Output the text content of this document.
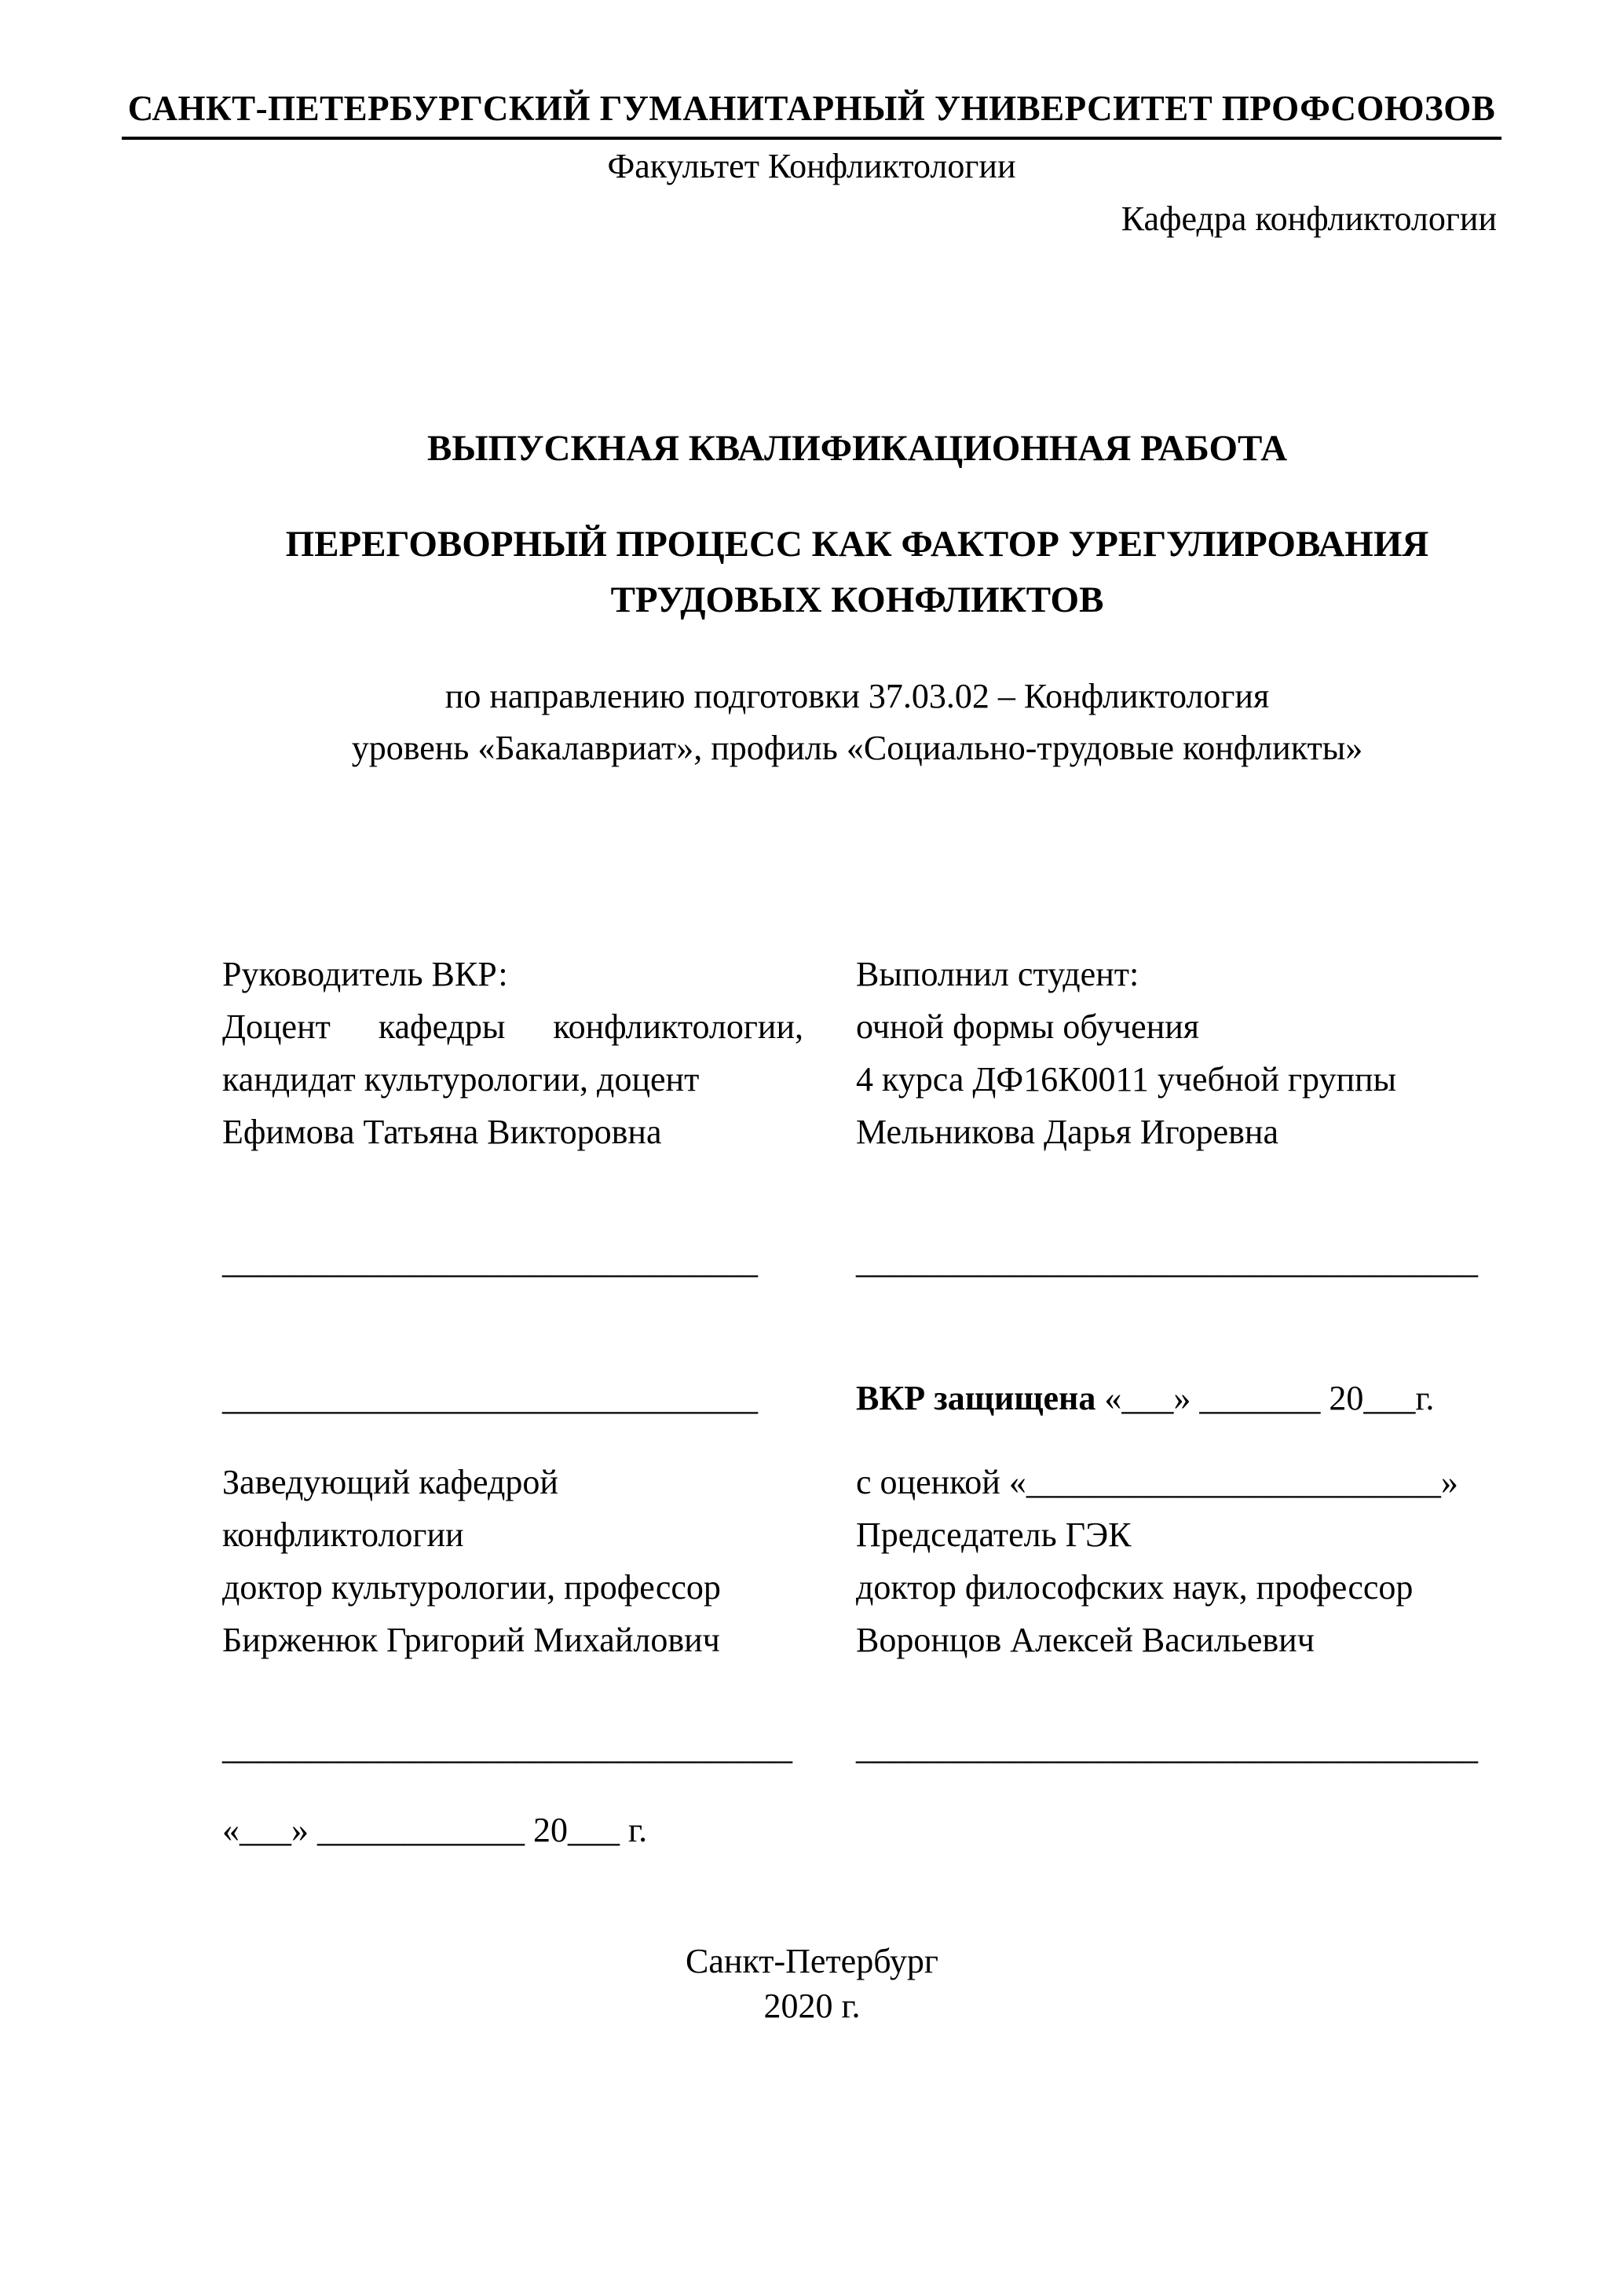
САНКТ-ПЕТЕРБУРГСКИЙ ГУМАНИТАРНЫЙ УНИВЕРСИТЕТ ПРОФСОЮЗОВ
Факультет Конфликтологии
Кафедра конфликтологии
ВЫПУСКНАЯ КВАЛИФИКАЦИОННАЯ РАБОТА
ПЕРЕГОВОРНЫЙ ПРОЦЕСС КАК ФАКТОР УРЕГУЛИРОВАНИЯ
ТРУДОВЫХ КОНФЛИКТОВ
по направлению подготовки 37.03.02 – Конфликтология
уровень «Бакалавриат», профиль «Социально-трудовые конфликты»
Руководитель ВКР:
Доцент кафедры конфликтологии,
кандидат культурологии, доцент
Ефимова Татьяна Викторовна
Выполнил студент:
очной формы обучения
4 курса ДФ16К0011 учебной группы
Мельникова Дарья Игоревна
_______________________________	____________________________________
_______________________________	ВКР защищена «___» _______ 20___г.
Заведующий кафедрой
конфликтологии
доктор культурологии, профессор
Бирженюк Григорий Михайлович
с оценкой «________________________»
Председатель ГЭК
доктор философских наук, профессор
Воронцов Алексей Васильевич
_________________________________	____________________________________
«___» ____________ 20___ г.
Санкт-Петербург
2020 г.
